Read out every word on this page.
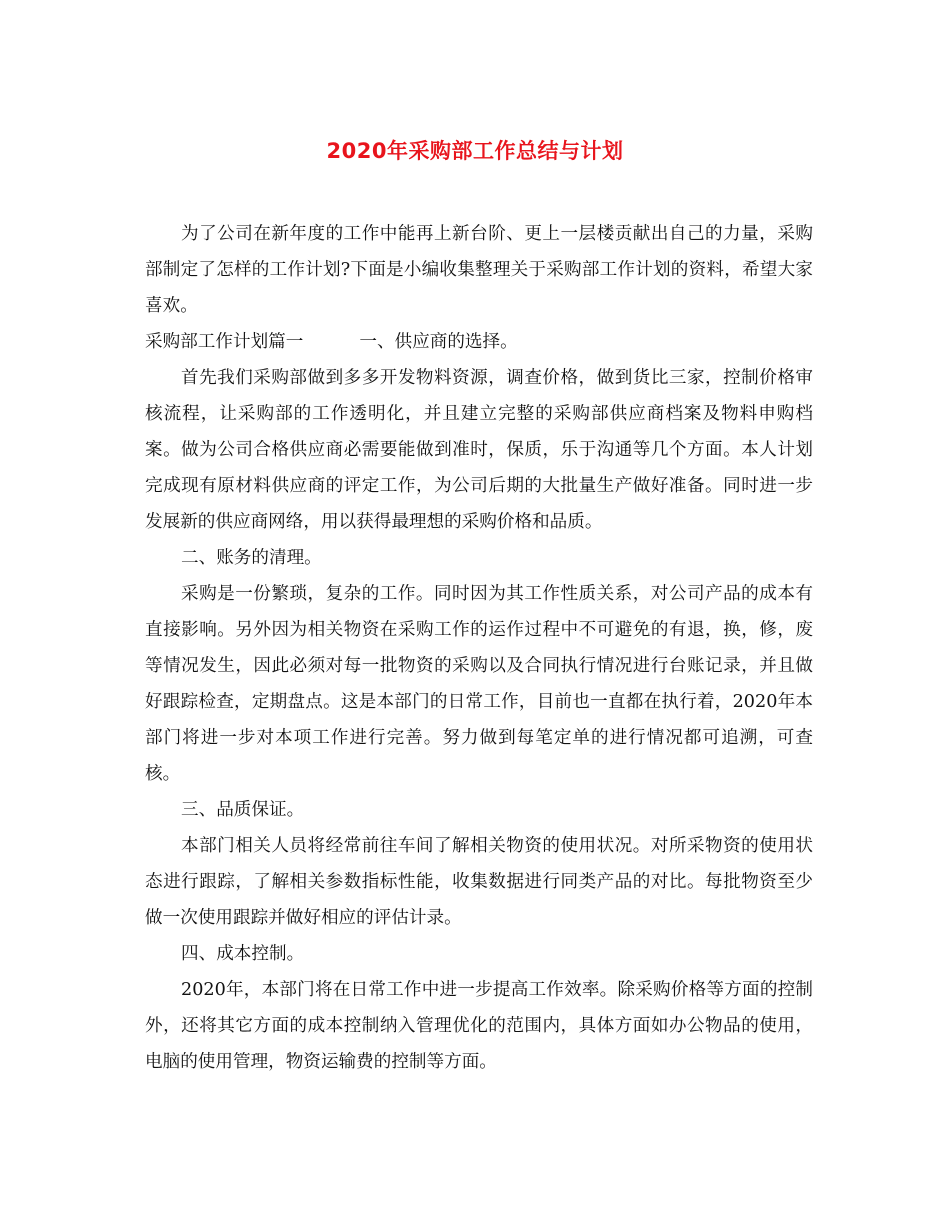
2020年采购部工作总结与计划

为了公司在新年度的工作中能再上新台阶、更上一层楼贡献出自己的力量，采购部制定了怎样的工作计划?下面是小编收集整理关于采购部工作计划的资料，希望大家喜欢。

采购部工作计划篇一	一、供应商的选择。

首先我们采购部做到多多开发物料资源，调查价格，做到货比三家，控制价格审核流程，让采购部的工作透明化，并且建立完整的采购部供应商档案及物料申购档案。做为公司合格供应商必需要能做到准时，保质，乐于沟通等几个方面。本人计划完成现有原材料供应商的评定工作，为公司后期的大批量生产做好准备。同时进一步发展新的供应商网络，用以获得最理想的采购价格和品质。

二、账务的清理。

采购是一份繁琐，复杂的工作。同时因为其工作性质关系，对公司产品的成本有直接影响。另外因为相关物资在采购工作的运作过程中不可避免的有退，换，修，废等情况发生，因此必须对每一批物资的采购以及合同执行情况进行台账记录，并且做好跟踪检查，定期盘点。这是本部门的日常工作，目前也一直都在执行着，2020年本部门将进一步对本项工作进行完善。努力做到每笔定单的进行情况都可追溯，可查核。

三、品质保证。

本部门相关人员将经常前往车间了解相关物资的使用状况。对所采物资的使用状态进行跟踪，了解相关参数指标性能，收集数据进行同类产品的对比。每批物资至少做一次使用跟踪并做好相应的评估计录。

四、成本控制。

2020年，本部门将在日常工作中进一步提高工作效率。除采购价格等方面的控制外，还将其它方面的成本控制纳入管理优化的范围内，具体方面如办公物品的使用，电脑的使用管理，物资运输费的控制等方面。
